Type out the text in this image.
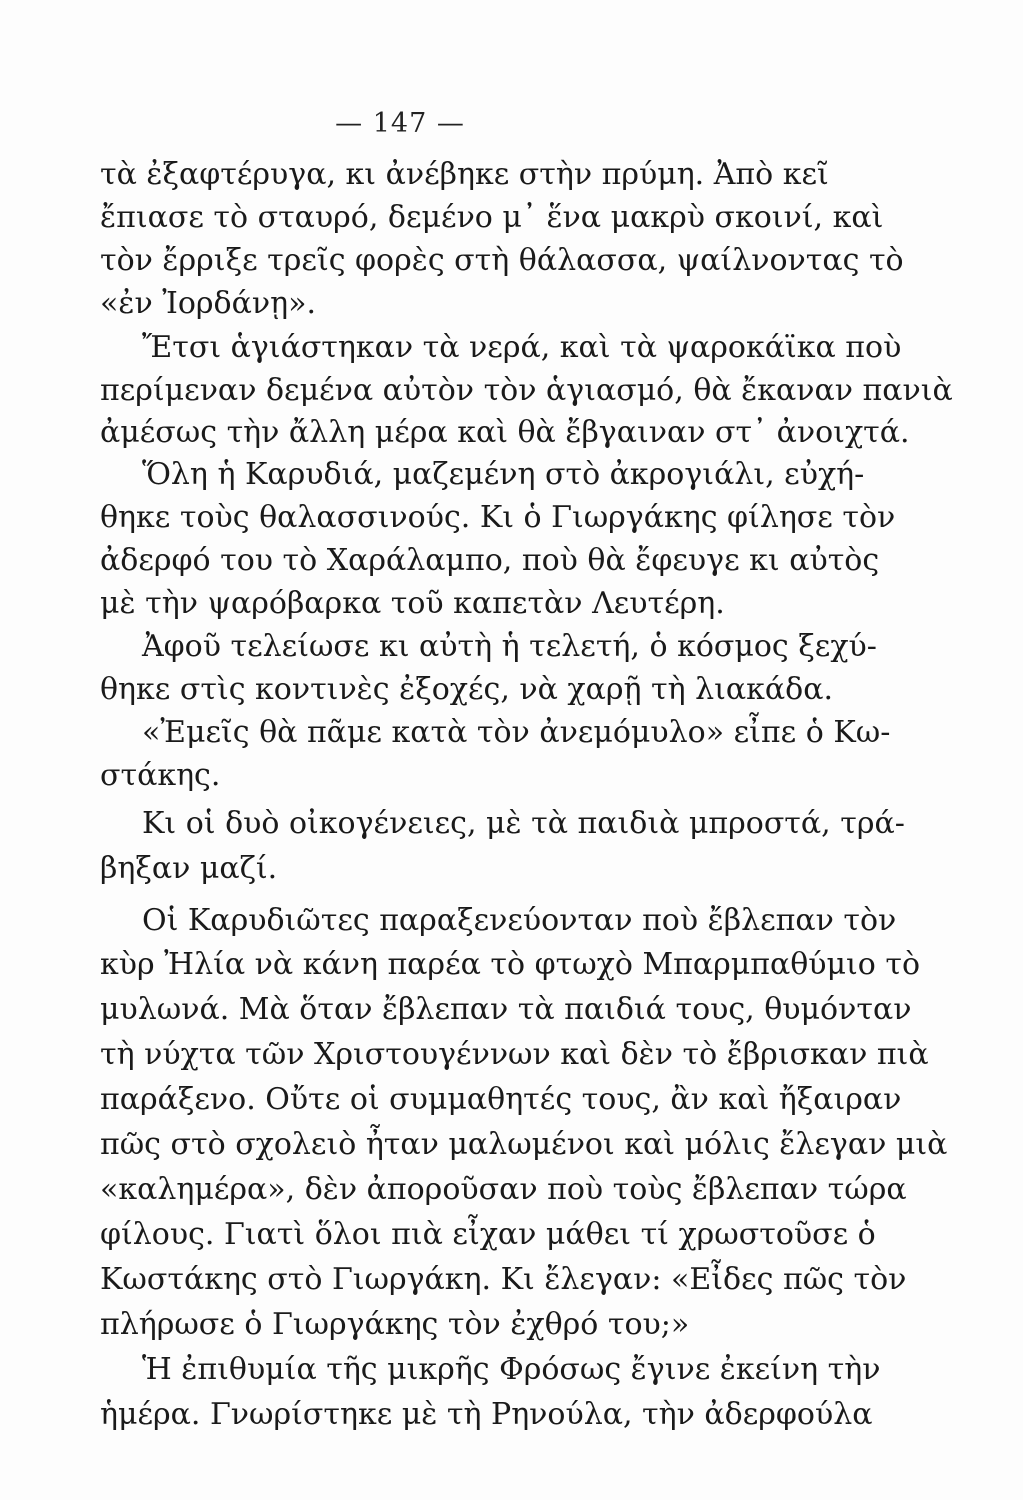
— 147 —
τὰ ἐξαφτέρυγα, κι ἀνέβηκε στὴν πρύμη. Ἀπὸ κεῖ
ἔπιασε τὸ σταυρό, δεμένο μ᾽ ἕνα μακρὺ σκοινί, καὶ
τὸν ἔρριξε τρεῖς φορὲς στὴ θάλασσα, ψαίλνοντας τὸ
«ἐν Ἰορδάνῃ».
Ἔτσι ἁγιάστηκαν τὰ νερά, καὶ τὰ ψαροκάϊκα ποὺ
περίμεναν δεμένα αὐτὸν τὸν ἁγιασμό, θὰ ἔκαναν πανιὰ
ἀμέσως τὴν ἄλλη μέρα καὶ θὰ ἔβγαιναν στ᾽ ἀνοιχτά.
Ὅλη ἡ Καρυδιά, μαζεμένη στὸ ἀκρογιάλι, εὐχή-
θηκε τοὺς θαλασσινούς. Κι ὁ Γιωργάκης φίλησε τὸν
ἀδερφό του τὸ Χαράλαμπο, ποὺ θὰ ἔφευγε κι αὐτὸς
μὲ τὴν ψαρόβαρκα τοῦ καπετὰν Λευτέρη.
Ἀφοῦ τελείωσε κι αὐτὴ ἡ τελετή, ὁ κόσμος ξεχύ-
θηκε στὶς κοντινὲς ἐξοχές, νὰ χαρῇ τὴ λιακάδα.
«Ἐμεῖς θὰ πᾶμε κατὰ τὸν ἀνεμόμυλο» εἶπε ὁ Κω-
στάκης.
Κι οἱ δυὸ οἰκογένειες, μὲ τὰ παιδιὰ μπροστά, τρά-
βηξαν μαζί.
Οἱ Καρυδιῶτες παραξενεύονταν ποὺ ἔβλεπαν τὸν
κὺρ Ἠλία νὰ κάνη παρέα τὸ φτωχὸ Μπαρμπαθύμιο τὸ
μυλωνά. Μὰ ὅταν ἔβλεπαν τὰ παιδιά τους, θυμόνταν
τὴ νύχτα τῶν Χριστουγέννων καὶ δὲν τὸ ἔβρισκαν πιὰ
παράξενο. Οὔτε οἱ συμμαθητές τους, ἂν καὶ ἤξαιραν
πῶς στὸ σχολειὸ ἦταν μαλωμένοι καὶ μόλις ἔλεγαν μιὰ
«καλημέρα», δὲν ἀποροῦσαν ποὺ τοὺς ἔβλεπαν τώρα
φίλους. Γιατὶ ὅλοι πιὰ εἶχαν μάθει τί χρωστοῦσε ὁ
Κωστάκης στὸ Γιωργάκη. Κι ἔλεγαν: «Εἶδες πῶς τὸν
πλήρωσε ὁ Γιωργάκης τὸν ἐχθρό του;»
Ἡ ἐπιθυμία τῆς μικρῆς Φρόσως ἔγινε ἐκείνη τὴν
ἡμέρα. Γνωρίστηκε μὲ τὴ Ρηνούλα, τὴν ἀδερφούλα
